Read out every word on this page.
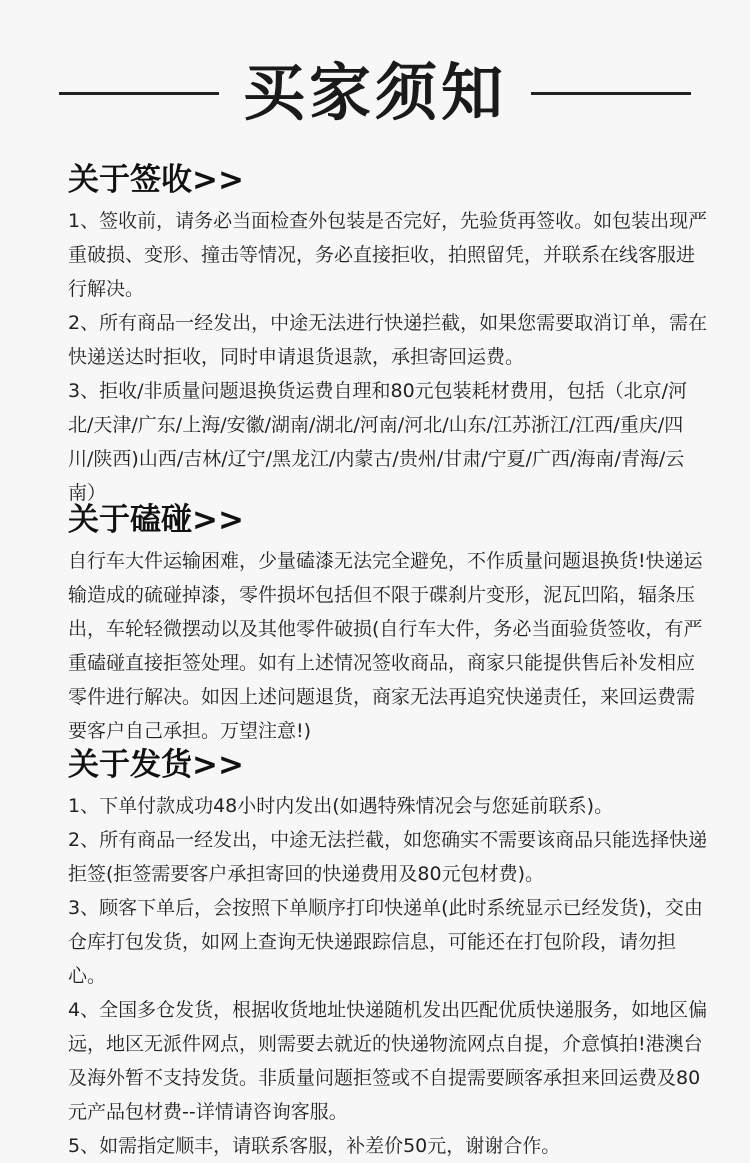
买家须知
关于签收>>

1、签收前，请务必当面检查外包装是否完好，先验货再签收。如包装出现严重破损、变形、撞击等情况，务必直接拒收，拍照留凭，并联系在线客服进行解决。

2、所有商品一经发出，中途无法进行快递拦截，如果您需要取消订单，需在快递送达时拒收，同时申请退货退款，承担寄回运费。

3、拒收/非质量问题退换货运费自理和80元包装耗材费用，包括（北京/河北/天津/广东/上海/安徽/湖南/湖北/河南/河北/山东/江苏浙江/江西/重庆/四川/陕西)山西/吉林/辽宁/黑龙江/内蒙古/贵州/甘肃/宁夏/广西/海南/青海/云南）

关于磕碰>>

自行车大件运输困难，少量磕漆无法完全避免，不作质量问题退换货!快递运输造成的硫碰掉漆，零件损坏包括但不限于碟刹片变形，泥瓦凹陷，辐条压出，车轮轻微摆动以及其他零件破损(自行车大件，务必当面验货签收，有严重磕碰直接拒签处理。如有上述情况签收商品，商家只能提供售后补发相应零件进行解决。如因上述问题退货，商家无法再追究快递责任，来回运费需要客户自己承担。万望注意!)

关于发货>>

1、下单付款成功48小时内发出(如遇特殊情况会与您延前联系)。

2、所有商品一经发出，中途无法拦截，如您确实不需要该商品只能选择快递拒签(拒签需要客户承担寄回的快递费用及80元包材费)。

3、顾客下单后，会按照下单顺序打印快递单(此时系统显示已经发货)，交由仓库打包发货，如网上查询无快递跟踪信息，可能还在打包阶段，请勿担心。

4、全国多仓发货，根据收货地址快递随机发出匹配优质快递服务，如地区偏远，地区无派件网点，则需要去就近的快递物流网点自提，介意慎拍!港澳台及海外暂不支持发货。非质量问题拒签或不自提需要顾客承担来回运费及80元产品包材费--详情请咨询客服。

5、如需指定顺丰，请联系客服，补差价50元，谢谢合作。
